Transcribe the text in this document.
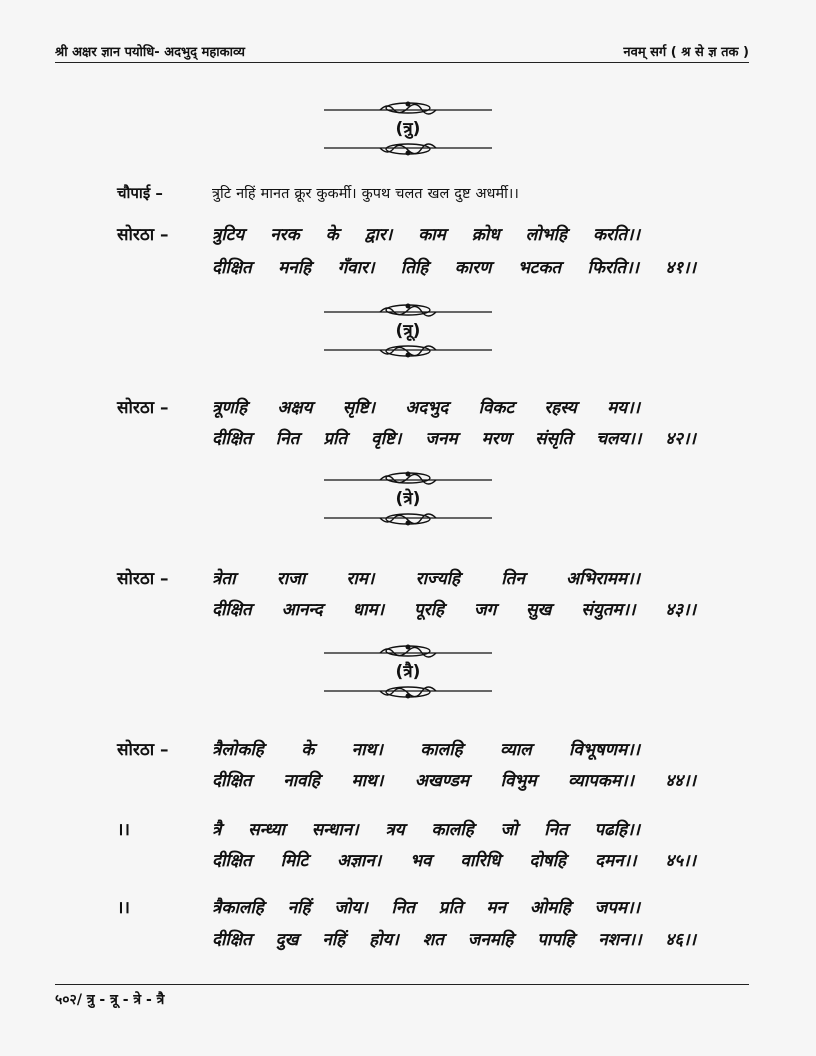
श्री अक्षर ज्ञान पयोधि- अदभुद् महाकाव्य	नवम् सर्ग ( श्र से ज्ञ तक )
(त्रु)
चौपाई –	त्रुटि नहिं मानत क्रूर कुकर्मी। कुपथ चलत खल दुष्ट अधर्मी।।
सोरठा –	त्रुटिय नरक के द्वार। काम क्रोध लोभहि करति।।
दीक्षित मनहि गँवार। तिहि कारण भटकत फिरति।। ४१।।
(त्रू)
सोरठा –	त्रूणहि अक्षय सृष्टि। अदभुद विकट रहस्य मय।।
दीक्षित नित प्रति वृष्टि। जनम मरण संसृति चलय।। ४२।।
(त्रे)
सोरठा –	त्रेता राजा राम। राज्यहि तिन अभिरामम।।
दीक्षित आनन्द धाम। पूरहि जग सुख संयुतम।। ४३।।
(त्रै)
सोरठा –	त्रैलोकहि के नाथ। कालहि व्याल विभूषणम।।
दीक्षित नावहि माथ। अखण्डम विभुम व्यापकम।। ४४।।
।।	त्रै सन्ध्या सन्धान। त्रय कालहि जो नित पढहि।।
दीक्षित मिटि अज्ञान। भव वारिधि दोषहि दमन।। ४५।।
।।	त्रैकालहि नहिं जोय। नित प्रति मन ओमहि जपम।।
दीक्षित दुख नहिं होय। शत जनमहि पापहि नशन।। ४६।।
५०२/ त्रु - त्रू - त्रे - त्रै
